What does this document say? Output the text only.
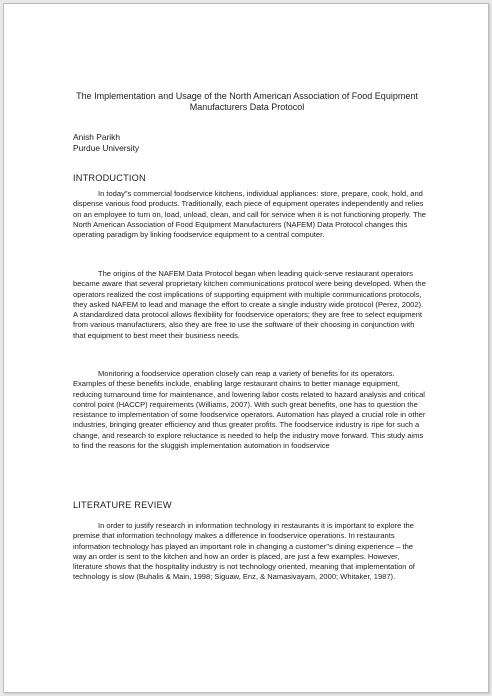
The Implementation and Usage of the North American Association of Food Equipment Manufacturers Data Protocol
Anish Parikh
Purdue University
INTRODUCTION
In today"s commercial foodservice kitchens, individual appliances: store, prepare, cook, hold, and dispense various food products. Traditionally, each piece of equipment operates independently and relies on an employee to turn on, load, unload, clean, and call for service when it is not functioning properly. The North American Association of Food Equipment Manufacturers (NAFEM) Data Protocol changes this operating paradigm by linking foodservice equipment to a central computer.
The origins of the NAFEM Data Protocol began when leading quick-serve restaurant operators became aware that several proprietary kitchen communications protocol were being developed. When the operators realized the cost implications of supporting equipment with multiple communications protocols, they asked NAFEM to lead and manage the effort to create a single industry wide protocol (Perez, 2002). A standardized data protocol allows flexibility for foodservice operators; they are free to select equipment from various manufacturers, also they are free to use the software of their choosing in conjunction with that equipment to best meet their business needs.
Monitoring a foodservice operation closely can reap a variety of benefits for its operators. Examples of these benefits include, enabling large restaurant chains to better manage equipment, reducing turnaround time for maintenance, and lowering labor costs related to hazard analysis and critical control point (HACCP) requirements (Williams, 2007). With such great benefits, one has to question the resistance to implementation of some foodservice operators. Automation has played a crucial role in other industries, bringing greater efficiency and thus greater profits. The foodservice industry is ripe for such a change, and research to explore reluctance is needed to help the industry move forward. This study aims to find the reasons for the sluggish implementation automation in foodservice
LITERATURE REVIEW
In order to justify research in information technology in restaurants it is important to explore the premise that information technology makes a difference in foodservice operations. In restaurants information technology has played an important role in changing a customer"s dining experience – the way an order is sent to the kitchen and how an order is placed, are just a few examples. However, literature shows that the hospitality industry is not technology oriented, meaning that implementation of technology is slow (Buhalis & Main, 1998; Siguaw, Enz, & Namasivayam, 2000; Whitaker, 1987).
